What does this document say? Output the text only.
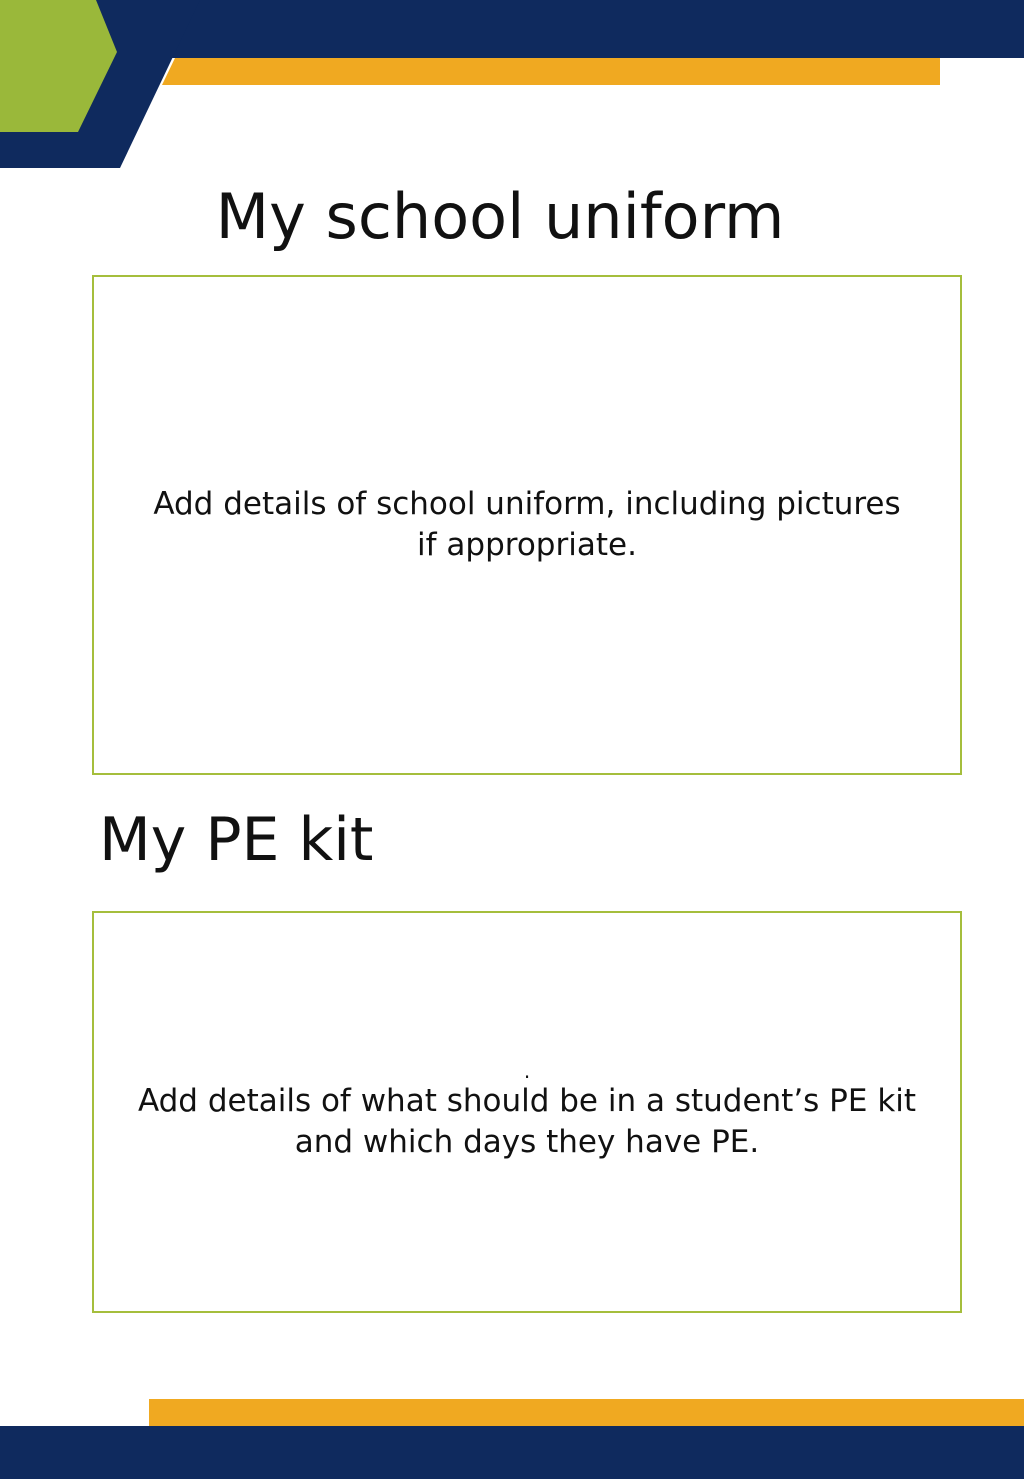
My school uniform

Add details of school uniform, including pictures
if appropriate.

My PE kit

.

Add details of what should be in a student’s PE kit
and which days they have PE.
